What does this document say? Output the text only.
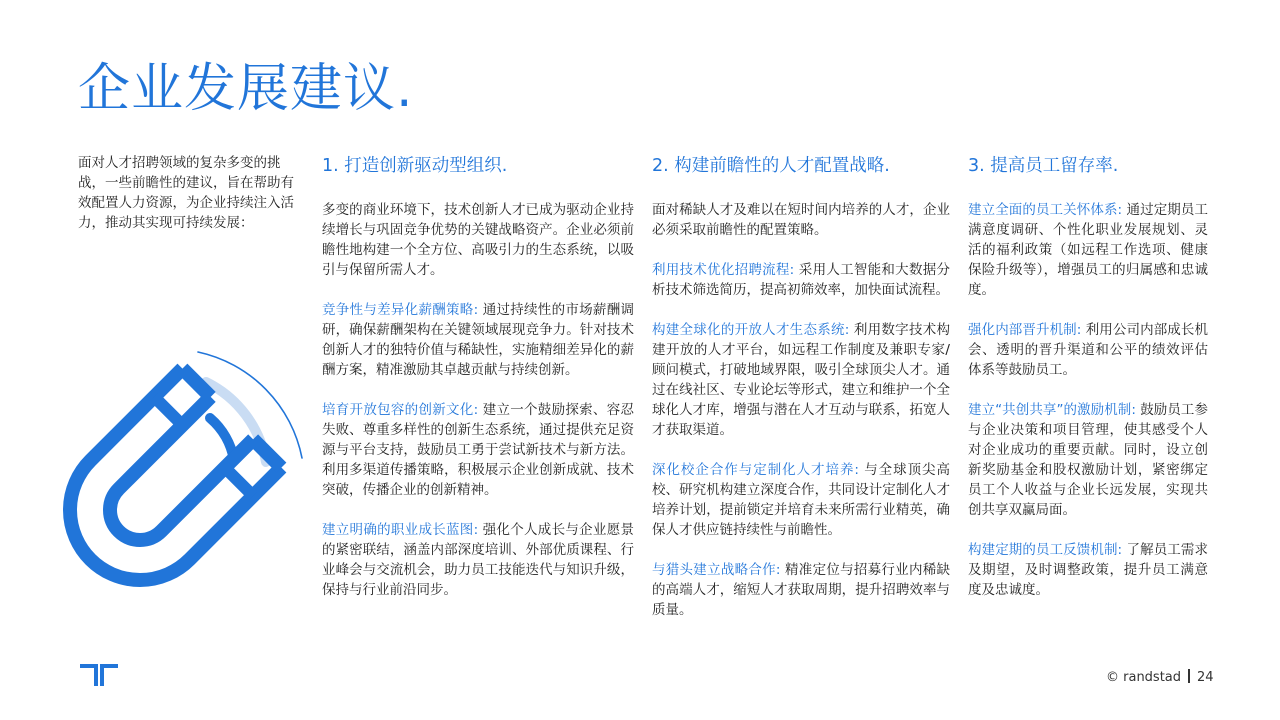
企业发展建议.
面对人才招聘领域的复杂多变的挑战，一些前瞻性的建议，旨在帮助有效配置人力资源，为企业持续注入活力，推动其实现可持续发展：
1. 打造创新驱动型组织.

多变的商业环境下，技术创新人才已成为驱动企业持续增长与巩固竞争优势的关键战略资产。企业必须前瞻性地构建一个全方位、高吸引力的生态系统，以吸引与保留所需人才。

竞争性与差异化薪酬策略: 通过持续性的市场薪酬调研，确保薪酬架构在关键领域展现竞争力。针对技术创新人才的独特价值与稀缺性，实施精细差异化的薪酬方案，精准激励其卓越贡献与持续创新。

培育开放包容的创新文化: 建立一个鼓励探索、容忍失败、尊重多样性的创新生态系统，通过提供充足资源与平台支持，鼓励员工勇于尝试新技术与新方法。利用多渠道传播策略，积极展示企业创新成就、技术突破，传播企业的创新精神。

建立明确的职业成长蓝图: 强化个人成长与企业愿景的紧密联结，涵盖内部深度培训、外部优质课程、行业峰会与交流机会，助力员工技能迭代与知识升级，保持与行业前沿同步。

2. 构建前瞻性的人才配置战略.

面对稀缺人才及难以在短时间内培养的人才，企业必须采取前瞻性的配置策略。

利用技术优化招聘流程: 采用人工智能和大数据分析技术筛选简历，提高初筛效率，加快面试流程。

构建全球化的开放人才生态系统: 利用数字技术构建开放的人才平台，如远程工作制度及兼职专家/顾问模式，打破地域界限，吸引全球顶尖人才。通过在线社区、专业论坛等形式，建立和维护一个全球化人才库，增强与潜在人才互动与联系，拓宽人才获取渠道。

深化校企合作与定制化人才培养: 与全球顶尖高校、研究机构建立深度合作，共同设计定制化人才培养计划，提前锁定并培育未来所需行业精英，确保人才供应链持续性与前瞻性。

与猎头建立战略合作: 精准定位与招募行业内稀缺的高端人才，缩短人才获取周期，提升招聘效率与质量。

3. 提高员工留存率.

建立全面的员工关怀体系: 通过定期员工满意度调研、个性化职业发展规划、灵活的福利政策（如远程工作选项、健康保险升级等），增强员工的归属感和忠诚度。

强化内部晋升机制: 利用公司内部成长机会、透明的晋升渠道和公平的绩效评估体系等鼓励员工。

建立“共创共享”的激励机制: 鼓励员工参与企业决策和项目管理，使其感受个人对企业成功的重要贡献。同时，设立创新奖励基金和股权激励计划，紧密绑定员工个人收益与企业长远发展，实现共创共享双赢局面。

构建定期的员工反馈机制: 了解员工需求及期望，及时调整政策，提升员工满意度及忠诚度。

© randstad 24
